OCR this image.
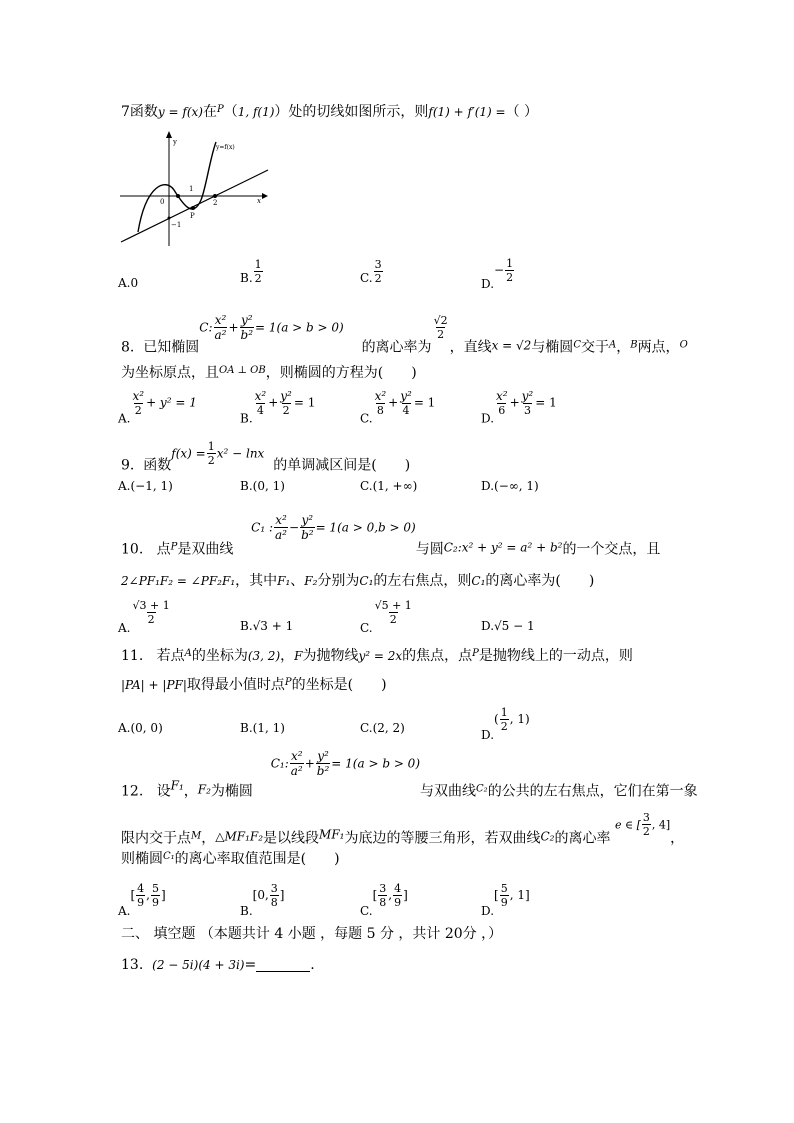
7函数y = f(x)在$^P$（1, f(1)）处的切线如图所示，则f(1) + f′(1) =（ ）
y
x
y=f(x)
1
2
0
−1
P
A.0	B. $\frac{1}{2}$	C. $\frac{3}{2}$	$D.- \frac{1}{2}$
8. 已知椭圆C: $\frac{\text{x²}}{\text{a²}} + \frac{\text{y²}}{\text{b²}} = 1(a > b > 0)$    的离心率为
$\frac{√2}{2}$
，直线x = √2与椭圆$_C$交于$_A$，$_B$两点，$_O$
为坐标原点，且$^{OA \perp OB}$，则椭圆的方程为(　　)
A.
$\frac{\text{x²}}{2} + y^2 = 1$
B.
$\frac{\text{x²}}{4} + \frac{\text{y²}}{2} = 1$
C.
$\frac{\text{x²}}{8} + \frac{\text{y²}}{4} = 1$
D.
$\frac{\text{x²}}{6} + \frac{\text{y²}}{3} = 1$
9. 函数$f(x) = \frac{1}{2} x^2 - \ln x$  的单调减区间是(　　)
A.(−1, 1)	B.(0, 1)	C.(1, +∞)	D.(−∞, 1)
10. 点$_P$是双曲线    C₁ : $\frac{\text{x²}}{\text{a²}} - \frac{\text{y²}}{\text{b²}} = 1(a > 0,b > 0)$与圆C₂:x² + y² = a² + b²的一个交点，且
2∠PF₁F₂ = ∠PF₂F₁，其中F₁、F₂分别为C₁的左右焦点，则C₁的离心率为(　　)
A.
$\frac{√3 + 1}{2}$
B.√3 + 1	C.
$\frac{√5 + 1}{2}$
D.√5 − 1
11. 若点$^A$的坐标为(3, 2)，F为抛物线y² = 2x的焦点，点$^P$是抛物线上的一动点，则
|PA| + |PF|取得最小值时点$^P$的坐标是(　　)
A.(0, 0)	B.(1, 1)	C.(2, 2)
$D.( \frac{1}{2}$ , 1)
12. 设F₁，F₂为椭圆    C₁: $\frac{\text{x²}}{\text{a²}} + \frac{\text{y²}}{\text{b²}} = 1(a > b > 0)$与双曲线$_{C_2}$的公共的左右焦点，它们在第一象
限内交于点$_M$，△MF₁F₂是以线段MF₁为底边的等腰三角形，若双曲线C₂的离心率 e ∈ [ $\frac{3}{2}$ , 4]，
则椭圆$^{C_1}$的离心率取值范围是(　　)
$A.[ \frac{4}{9}$ , $\frac{5}{9}$ ]
B.[0, $\frac{3}{8}$ ]
$C.[ \frac{3}{8}$ , $\frac{4}{9}$ ]
$D.[ \frac{5}{9}$ , 1]
二、 填空题 （本题共计 4 小题 ，每题 5 分 ，共计 20分 ，）
13. (2 − 5i)(4 + 3i)=	.
